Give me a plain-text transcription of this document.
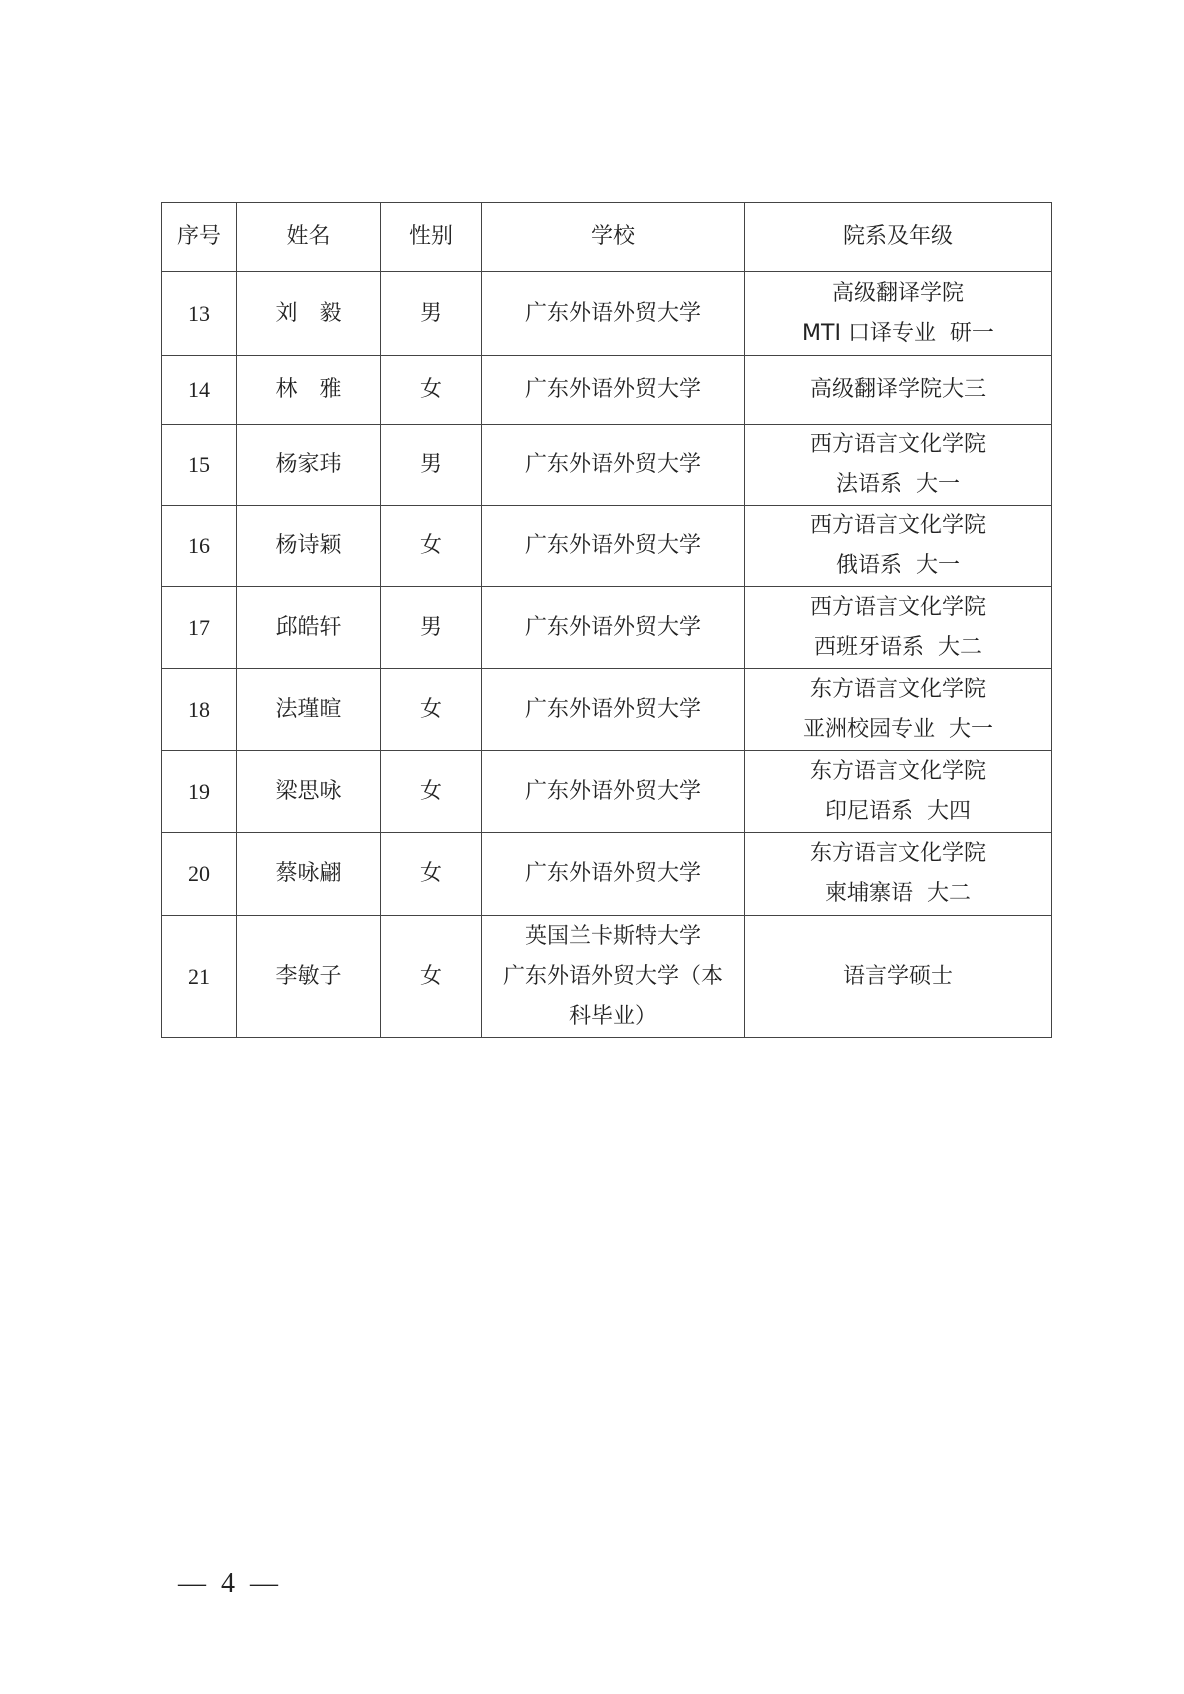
序号	姓名	性别	学校	院系及年级
13	刘　毅	男	广东外语外贸大学	高级翻译学院
MTI 口译专业  研一

14	林　雅	女	广东外语外贸大学	高级翻译学院大三

15	杨家玮	男	广东外语外贸大学	西方语言文化学院
法语系  大一

16	杨诗颖	女	广东外语外贸大学	西方语言文化学院
俄语系  大一

17	邱皓轩	男	广东外语外贸大学	西方语言文化学院
西班牙语系  大二

18	法瑾暄	女	广东外语外贸大学	东方语言文化学院
亚洲校园专业  大一

19	梁思咏	女	广东外语外贸大学	东方语言文化学院
印尼语系  大四

20	蔡咏翩	女	广东外语外贸大学	东方语言文化学院
柬埔寨语  大二

21	李敏子	女	英国兰卡斯特大学
广东外语外贸大学（本
科毕业）	语言学硕士
— 4 —
